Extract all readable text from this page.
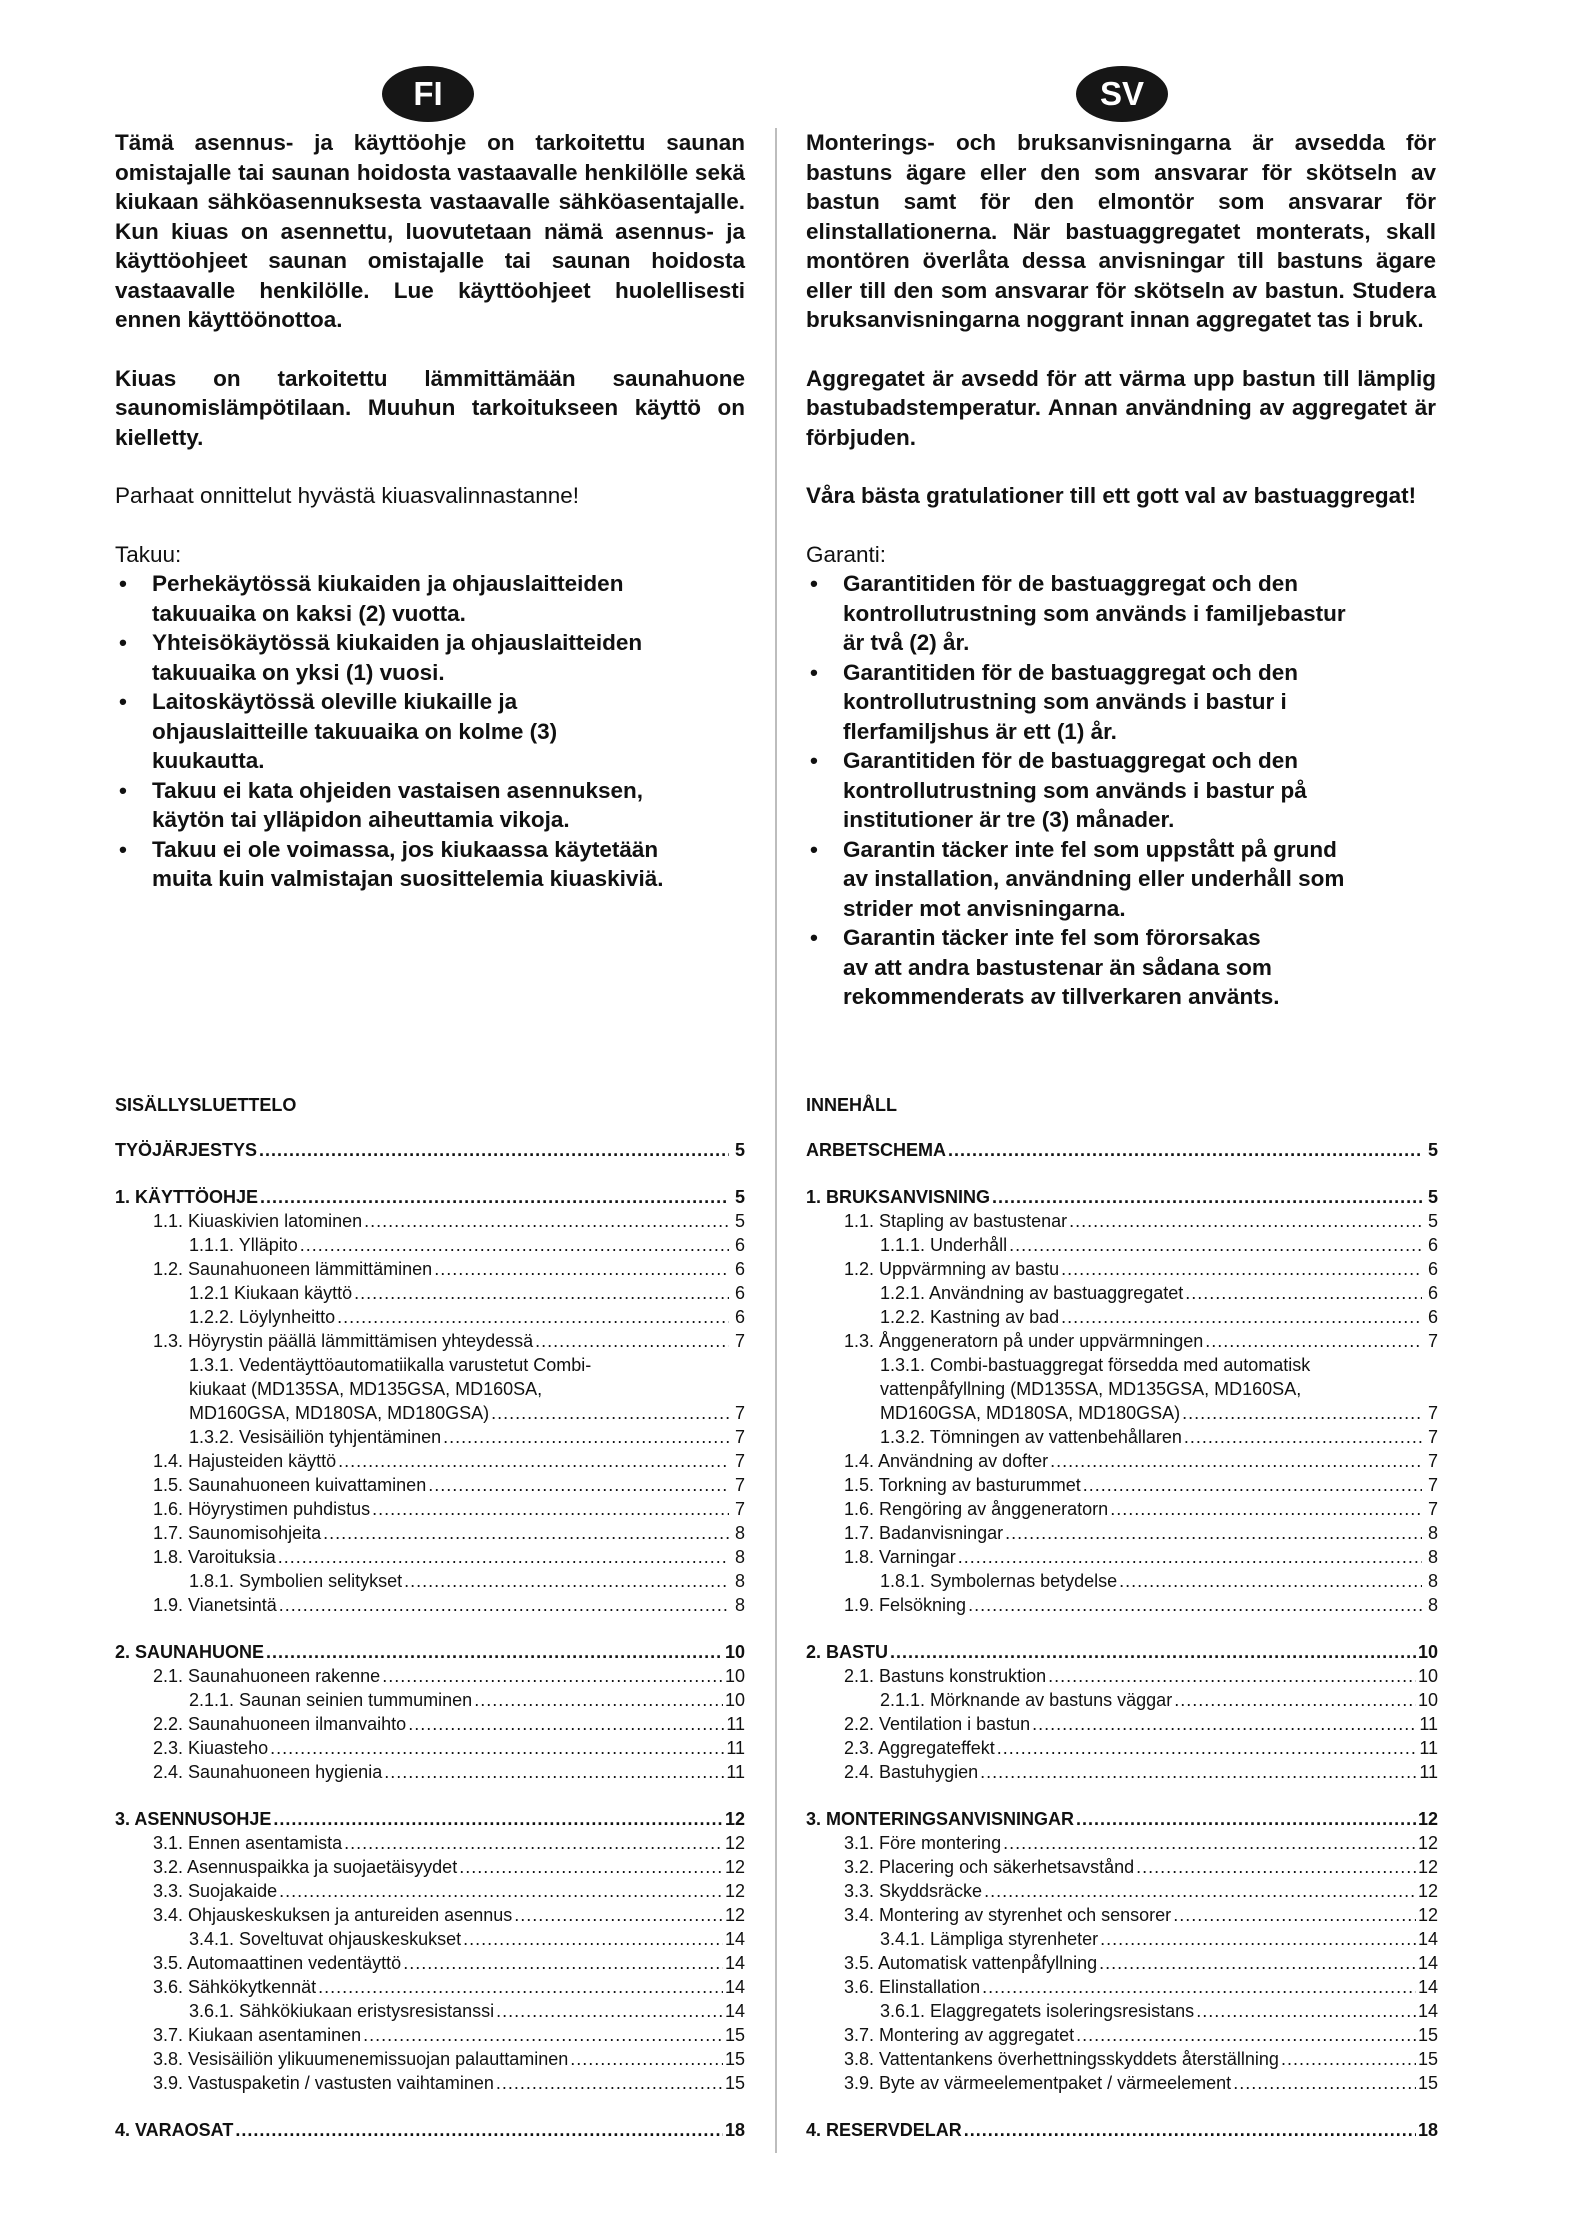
FI	SV

Tämä asennus- ja käyttöohje on tarkoitettu saunan omistajalle tai saunan hoidosta vastaavalle henkilölle sekä kiukaan sähköasennuksesta vastaavalle sähköasentajalle. Kun kiuas on asennettu, luovutetaan nämä asennus- ja käyttöohjeet saunan omistajalle tai saunan hoidosta vastaavalle henkilölle. Lue käyttöohjeet huolellisesti ennen käyttöönottoa.

Kiuas on tarkoitettu lämmittämään saunahuone saunomislämpötilaan. Muuhun tarkoitukseen käyttö on kielletty.

Parhaat onnittelut hyvästä kiuasvalinnastanne!

Takuu:

• Perhekäytössä kiukaiden ja ohjauslaitteiden
takuuaika on kaksi (2) vuotta.
• Yhteisökäytössä kiukaiden ja ohjauslaitteiden
takuuaika on yksi (1) vuosi.
• Laitoskäytössä oleville kiukaille ja
ohjauslaitteille takuuaika on kolme (3)
kuukautta.
• Takuu ei kata ohjeiden vastaisen asennuksen,
käytön tai ylläpidon aiheuttamia vikoja.
• Takuu ei ole voimassa, jos kiukaassa käytetään
muita kuin valmistajan suosittelemia kiuaskiviä.

Monterings- och bruksanvisningarna är avsedda för bastuns ägare eller den som ansvarar för skötseln av bastun samt för den elmontör som ansvarar för elinstallationerna. När bastuaggregatet monterats, skall montören överlåta dessa anvisningar till bastuns ägare eller till den som ansvarar för skötseln av bastun. Studera bruksanvisningarna noggrant innan aggregatet tas i bruk.

Aggregatet är avsedd för att värma upp bastun till lämplig bastubadstemperatur. Annan användning av aggregatet är förbjuden.

Våra bästa gratulationer till ett gott val av bastuaggregat!

Garanti:

• Garantitiden för de bastuaggregat och den
kontrollutrustning som används i familjebastur
är två (2) år.
• Garantitiden för de bastuaggregat och den
kontrollutrustning som används i bastur i
flerfamiljshus är ett (1) år.
• Garantitiden för de bastuaggregat och den
kontrollutrustning som används i bastur på
institutioner är tre (3) månader.
• Garantin täcker inte fel som uppstått på grund
av installation, användning eller underhåll som
strider mot anvisningarna.
• Garantin täcker inte fel som förorsakas
av att andra bastustenar än sådana som
rekommenderats av tillverkaren använts.
SISÄLLYSLUETTELO	INNEHÅLL
TYÖJÄRJESTYS .....	5
1. KÄYTTÖOHJE .....	5
1.1. Kiuaskivien latominen .....	5
1.1.1. Ylläpito .....	6
1.2. Saunahuoneen lämmittäminen .....	6
1.2.1 Kiukaan käyttö .....	6
1.2.2. Löylynheitto .....	6
1.3. Höyrystin päällä lämmittämisen yhteydessä .....	7
1.3.1. Vedentäyttöautomatiikalla varustetut Combi-
kiukaat (MD135SA, MD135GSA, MD160SA,
MD160GSA, MD180SA, MD180GSA) .....	7
1.3.2. Vesisäiliön tyhjentäminen .....	7
1.4. Hajusteiden käyttö .....	7
1.5. Saunahuoneen kuivattaminen .....	7
1.6. Höyrystimen puhdistus .....	7
1.7. Saunomisohjeita .....	8
1.8. Varoituksia .....	8
1.8.1. Symbolien selitykset .....	8
1.9. Vianetsintä .....	8
2. SAUNAHUONE .....	10
2.1. Saunahuoneen rakenne .....	10
2.1.1. Saunan seinien tummuminen .....	10
2.2. Saunahuoneen ilmanvaihto .....	11
2.3. Kiuasteho .....	11
2.4. Saunahuoneen hygienia .....	11
3. ASENNUSOHJE .....	12
3.1. Ennen asentamista .....	12
3.2. Asennuspaikka ja suojaetäisyydet .....	12
3.3. Suojakaide .....	12
3.4. Ohjauskeskuksen ja antureiden asennus .....	12
3.4.1. Soveltuvat ohjauskeskukset .....	14
3.5. Automaattinen vedentäyttö .....	14
3.6. Sähkökytkennät .....	14
3.6.1. Sähkökiukaan eristysresistanssi .....	14
3.7. Kiukaan asentaminen .....	15
3.8. Vesisäiliön ylikuumenemissuojan palauttaminen .....	15
3.9. Vastuspaketin / vastusten vaihtaminen .....	15
4. VARAOSAT .....	18
ARBETSCHEMA .....	5
1. BRUKSANVISNING .....	5
1.1. Stapling av bastustenar .....	5
1.1.1. Underhåll .....	6
1.2. Uppvärmning av bastu .....	6
1.2.1. Användning av bastuaggregatet .....	6
1.2.2. Kastning av bad .....	6
1.3. Ånggeneratorn på under uppvärmningen .....	7
1.3.1. Combi-bastuaggregat försedda med automatisk
vattenpåfyllning (MD135SA, MD135GSA, MD160SA,
MD160GSA, MD180SA, MD180GSA) .....	7
1.3.2. Tömningen av vattenbehållaren .....	7
1.4. Användning av dofter .....	7
1.5. Torkning av basturummet .....	7
1.6. Rengöring av ånggeneratorn .....	7
1.7. Badanvisningar .....	8
1.8. Varningar .....	8
1.8.1. Symbolernas betydelse .....	8
1.9. Felsökning .....	8
2. BASTU .....	10
2.1. Bastuns konstruktion .....	10
2.1.1. Mörknande av bastuns väggar .....	10
2.2. Ventilation i bastun .....	11
2.3. Aggregateffekt .....	11
2.4. Bastuhygien .....	11
3. MONTERINGSANVISNINGAR .....	12
3.1. Före montering .....	12
3.2. Placering och säkerhetsavstånd .....	12
3.3. Skyddsräcke .....	12
3.4. Montering av styrenhet och sensorer .....	12
3.4.1. Lämpliga styrenheter .....	14
3.5. Automatisk vattenpåfyllning .....	14
3.6. Elinstallation .....	14
3.6.1. Elaggregatets isoleringsresistans .....	14
3.7. Montering av aggregatet .....	15
3.8. Vattentankens överhettningsskyddets återställning .....	15
3.9. Byte av värmeelementpaket / värmeelement .....	15
4. RESERVDELAR .....	18
